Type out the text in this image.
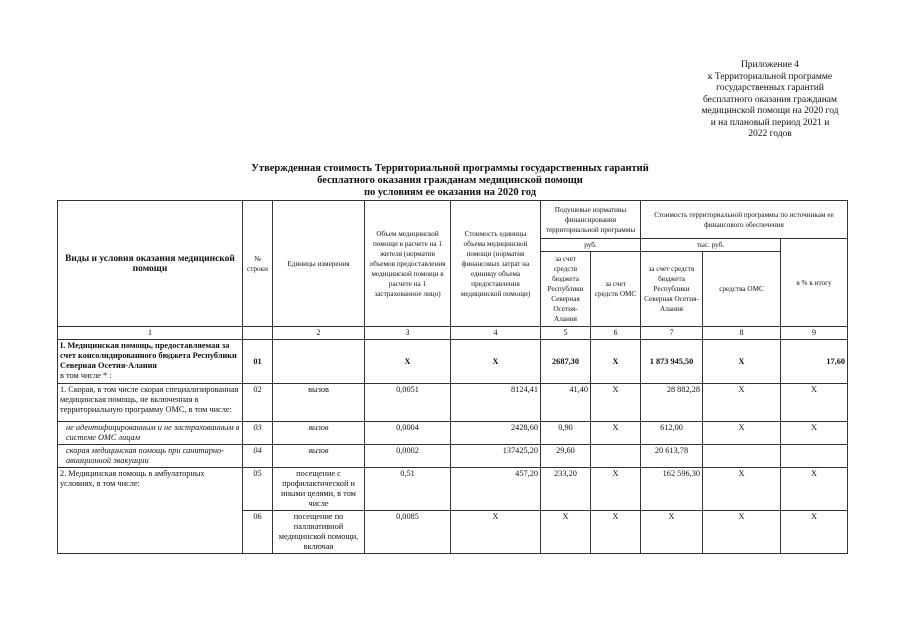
Приложение 4
к Территориальной программе
государственных гарантий
бесплатного оказания гражданам
медицинской помощи на 2020 год
и на плановый период 2021 и
2022 годов
Утвержденная стоимость Территориальной программы государственных гарантий
бесплатного оказания гражданам медицинской помощи
по условиям ее оказания на 2020 год
Виды и условия оказания медицинской помощи	№ строки	Единицы измерения	Объем медицинской помощи в расчете на 1 жителя (норматив объемов предоставления медицинской помощи в расчете на 1 застрахованное лицо)	Стоимость единицы объема медицинской помощи (норматив финансовых затрат на единицу объема предоставления медицинской помощи)	Подушевые нормативы финансирования территориальной программы		Стоимость территориальной программы по источникам ее финансового обеспечения		
					руб.		тыс. руб.		в % к итогу
					за счет средств бюджета Республики Северная Осетия-Алания	за счет средств ОМС	за счет средств бюджета Республики Северная Осетия-Алания	средства ОМС	
1		2	3	4	5	6	7	8	9

I. Медицинская помощь, предоставляемая за счет консолидированного бюджета Республики Северная Осетия-Алания
в том числе * :	01		X	X	2687,30	X	1 873 945,50	X	17,60
1. Скорая, в том числе скорая специализированная медицинская помощь, не включенная в территориальную программу ОМС, в том числе:	02	вызов	0,0051	8124,41	41,40	X	28 882,28	X	X
не идентифицированным и не застрахованным в системе ОМС лицам	03	вызов	0,0004	2428,60	0,90	X	612,00	X	X
скорая медицинская помощь при санитарно-авиационной эвакуации	04	вызов	0,0002	137425,20	29,60		20 613,78		
2. Медицинская помощь в амбулаторных условиях, в том числе:	05	посещение с профилактической и иными целями, в том числе	0,51	457,20	233,20	X	162 596,30	X	X
	06	посещение по паллиативной медицинской помощи, включая	0,0085	X	X	X	X	X	X
